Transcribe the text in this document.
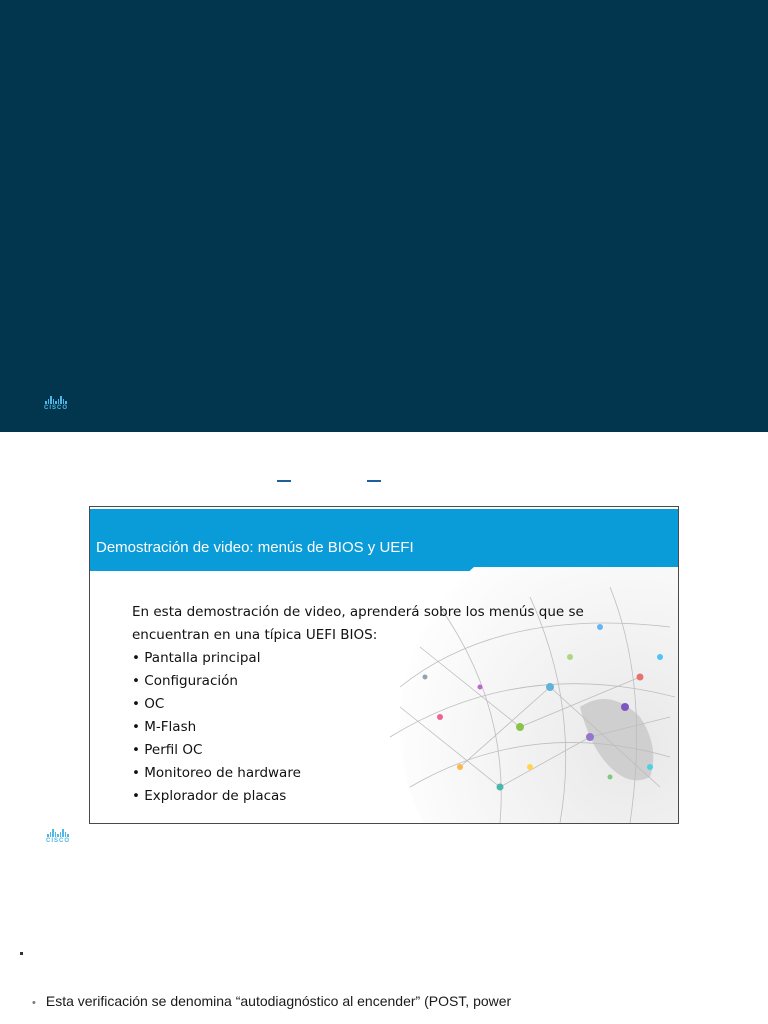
CISCO
Demostración de video: menús de BIOS y UEFI

En esta demostración de video, aprenderá sobre los menús que se encuentran en una típica UEFI BIOS:

• Pantalla principal
• Configuración
• OC
• M-Flash
• Perfil OC
• Monitoreo de hardware
• Explorador de placas
CISCO
• Esta verificación se denomina “autodiagnóstico al encender” (POST, power
